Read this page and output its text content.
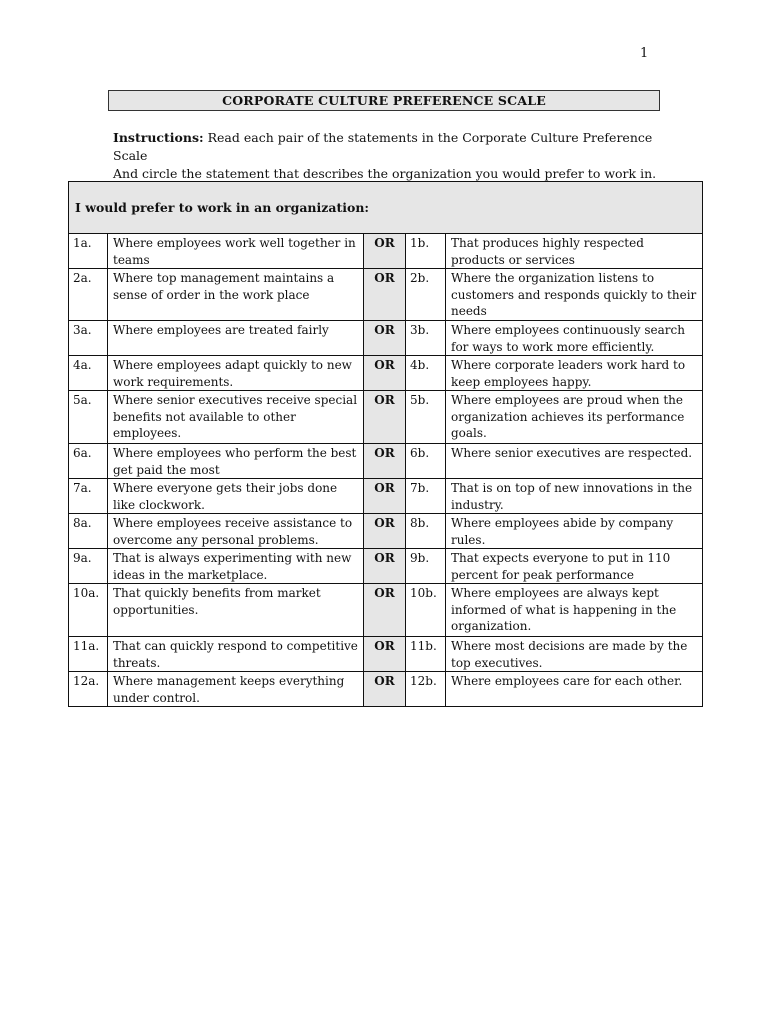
1
CORPORATE CULTURE PREFERENCE SCALE
Instructions: Read each pair of the statements in the Corporate Culture Preference Scale
And circle the statement that describes the organization you would prefer to work in.
I would prefer to work in an organization:				
1a.	Where employees work well together in teams	OR	1b.	That produces highly respected products or services
2a.	Where top management maintains a sense of order in the work place	OR	2b.	Where the organization listens to customers and responds quickly to their needs
3a.	Where employees are treated fairly	OR	3b.	Where employees continuously search for ways to work more efficiently.
4a.	Where employees adapt quickly to new work requirements.	OR	4b.	Where corporate leaders work hard to keep employees happy.
5a.	Where senior executives receive special benefits not available to other employees.	OR	5b.	Where employees are proud when the organization achieves its performance goals.
6a.	Where employees who perform the best get paid the most	OR	6b.	Where senior executives are respected.
7a.	Where everyone gets their jobs done like clockwork.	OR	7b.	That is on top of new innovations in the industry.
8a.	Where employees receive assistance to overcome any personal problems.	OR	8b.	Where employees abide by company rules.
9a.	That is always experimenting with new ideas in the marketplace.	OR	9b.	That expects everyone to put in 110 percent for peak performance
10a.	That quickly benefits from market opportunities.	OR	10b.	Where employees are always kept informed of what is happening in the organization.
11a.	That can quickly respond to competitive threats.	OR	11b.	Where most decisions are made by the top executives.
12a.	Where management keeps everything under control.	OR	12b.	Where employees care for each other.
